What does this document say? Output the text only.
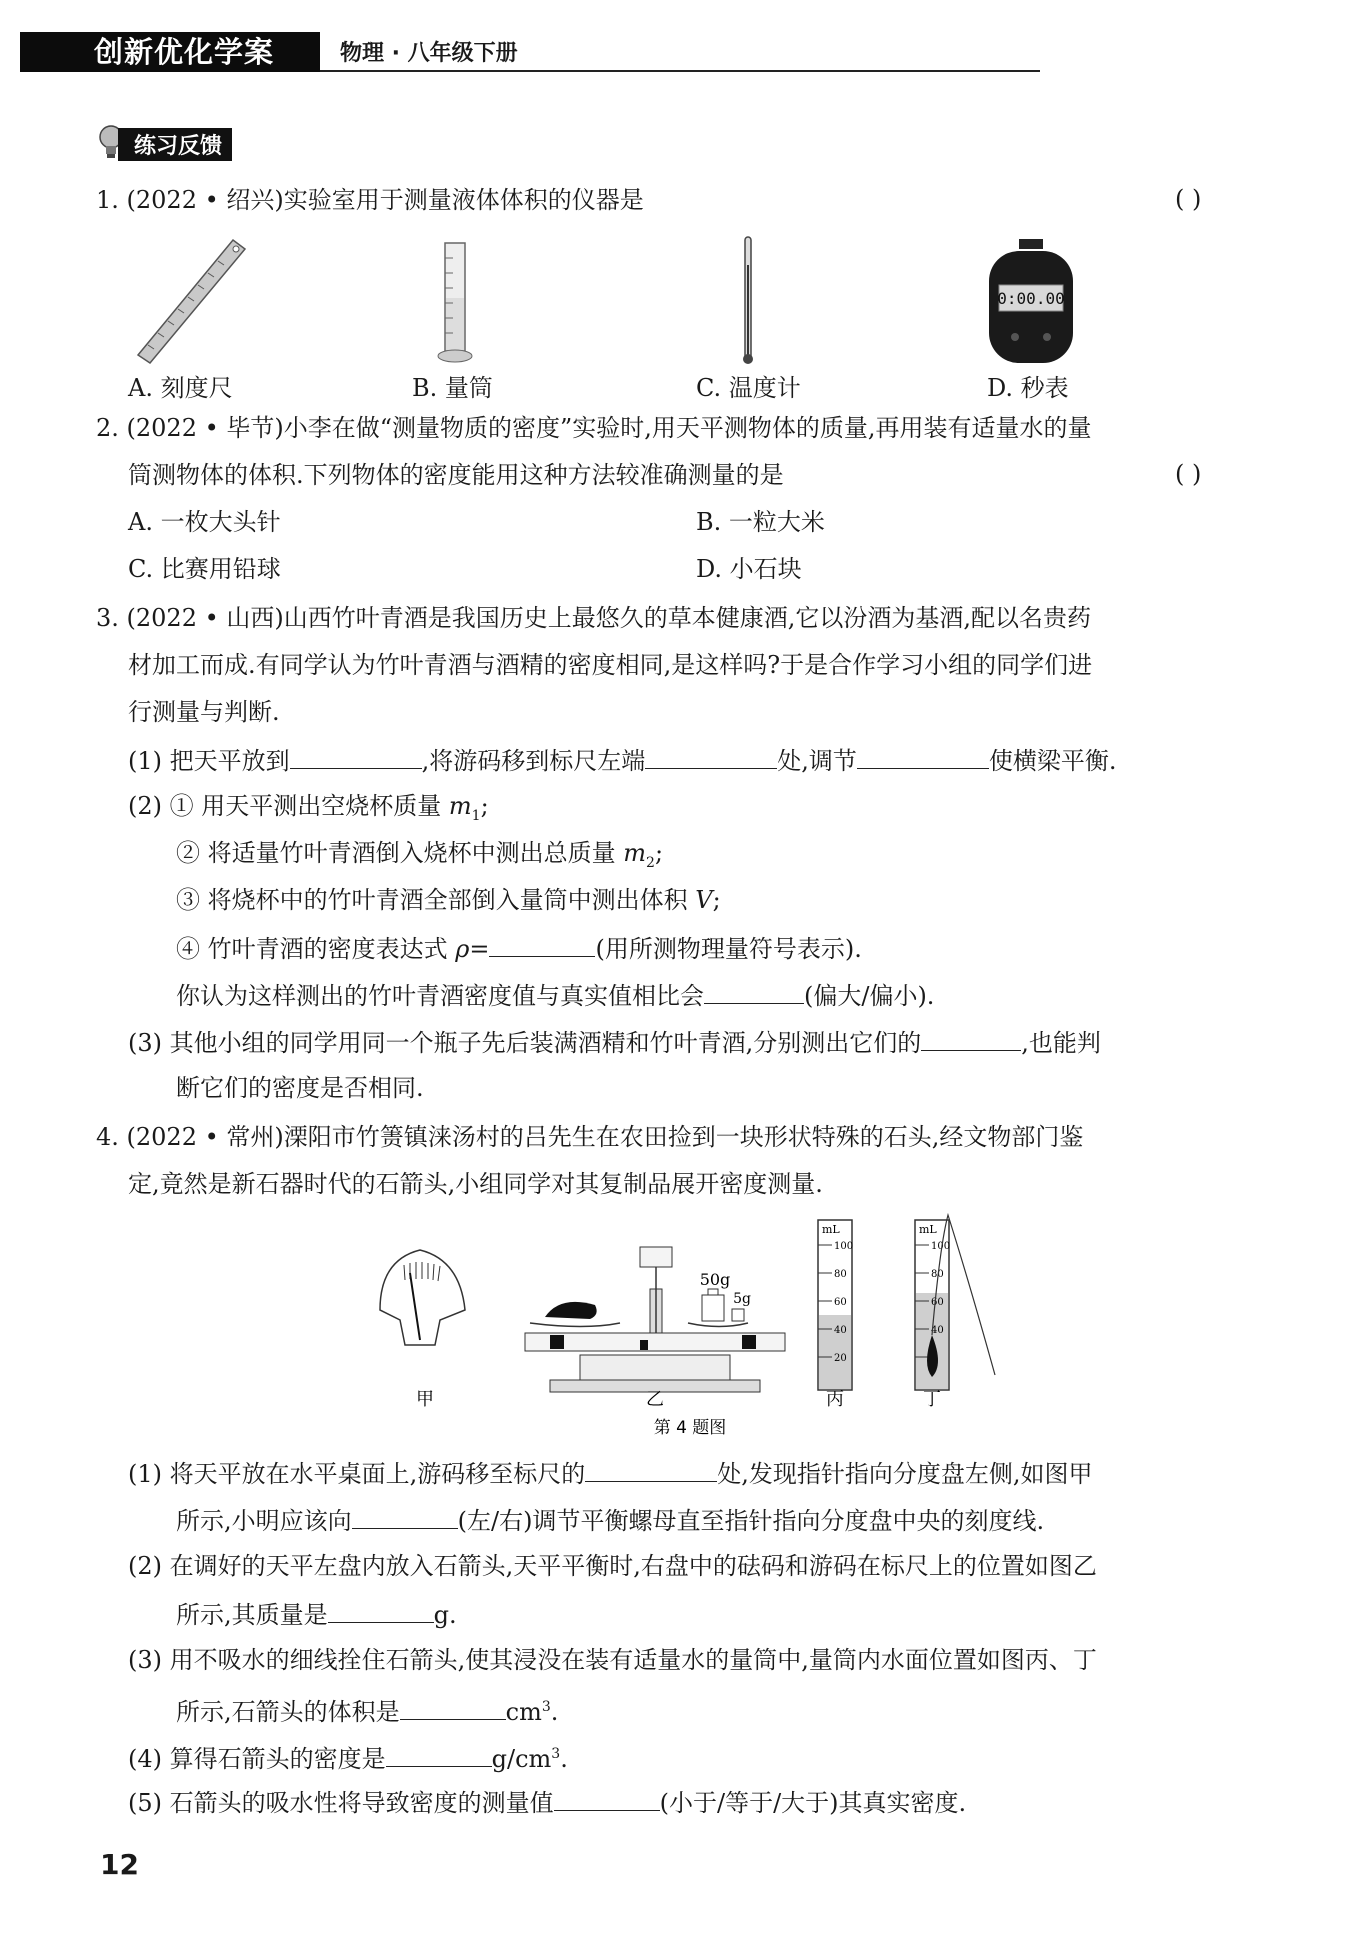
创新优化学案	物理 · 八年级下册
练习反馈
1. (2022 • 绍兴)实验室用于测量液体体积的仪器是	( )
0:00.00
A. 刻度尺	B. 量筒	C. 温度计	D. 秒表
2. (2022 • 毕节)小李在做“测量物质的密度”实验时,用天平测物体的质量,再用装有适量水的量
筒测物体的体积.下列物体的密度能用这种方法较准确测量的是	( )
A. 一枚大头针	B. 一粒大米
C. 比赛用铅球	D. 小石块
3. (2022 • 山西)山西竹叶青酒是我国历史上最悠久的草本健康酒,它以汾酒为基酒,配以名贵药
材加工而成.有同学认为竹叶青酒与酒精的密度相同,是这样吗?于是合作学习小组的同学们进
行测量与判断.
(1) 把天平放到	,将游码移到标尺左端	处,调节	使横梁平衡.
(2) ① 用天平测出空烧杯质量 $m_1$;
② 将适量竹叶青酒倒入烧杯中测出总质量 $m_2$;
③ 将烧杯中的竹叶青酒全部倒入量筒中测出体积 V;
④ 竹叶青酒的密度表达式 ρ=	(用所测物理量符号表示).
你认为这样测出的竹叶青酒密度值与真实值相比会	(偏大/偏小).
(3) 其他小组的同学用同一个瓶子先后装满酒精和竹叶青酒,分别测出它们的	,也能判
断它们的密度是否相同.
4. (2022 • 常州)溧阳市竹箦镇涞汤村的吕先生在农田捡到一块形状特殊的石头,经文物部门鉴
定,竟然是新石器时代的石箭头,小组同学对其复制品展开密度测量.
甲
50g
5g
乙
mL
100
80
60
40
20
丙
mL
100
80
60
40
丁
第 4 题图
(1) 将天平放在水平桌面上,游码移至标尺的	处,发现指针指向分度盘左侧,如图甲
所示,小明应该向	(左/右)调节平衡螺母直至指针指向分度盘中央的刻度线.
(2) 在调好的天平左盘内放入石箭头,天平平衡时,右盘中的砝码和游码在标尺上的位置如图乙
所示,其质量是	g.
(3) 用不吸水的细线拴住石箭头,使其浸没在装有适量水的量筒中,量筒内水面位置如图丙、丁
所示,石箭头的体积是	$cm^3$.
(4) 算得石箭头的密度是	$g/cm^3$.
(5) 石箭头的吸水性将导致密度的测量值	(小于/等于/大于)其真实密度.
12
